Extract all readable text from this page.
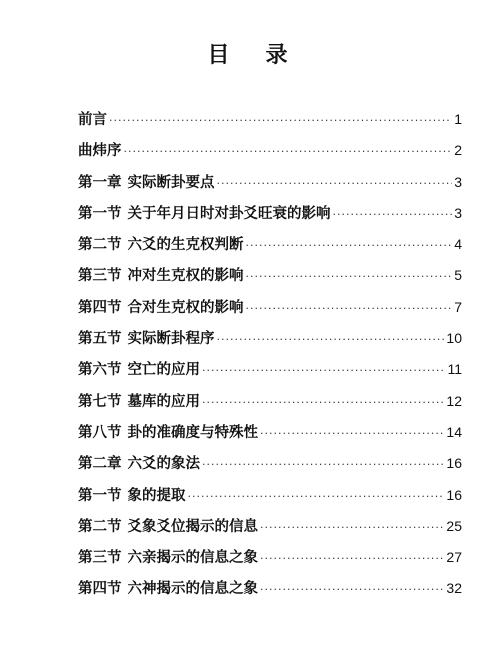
目 录
前言 ·····	1
曲炜序 ·····	2
第一章 实际断卦要点 ·····	3
第一节 关于年月日时对卦爻旺衰的影响 ·····	3
第二节 六爻的生克权判断 ·····	4
第三节 冲对生克权的影响 ·····	5
第四节 合对生克权的影响 ·····	7
第五节 实际断卦程序 ·····	10
第六节 空亡的应用 ·····	11
第七节 墓库的应用 ·····	12
第八节 卦的准确度与特殊性 ·····	14
第二章 六爻的象法 ·····	16
第一节 象的提取 ·····	16
第二节 爻象爻位揭示的信息 ·····	25
第三节 六亲揭示的信息之象 ·····	27
第四节 六神揭示的信息之象 ·····	32
